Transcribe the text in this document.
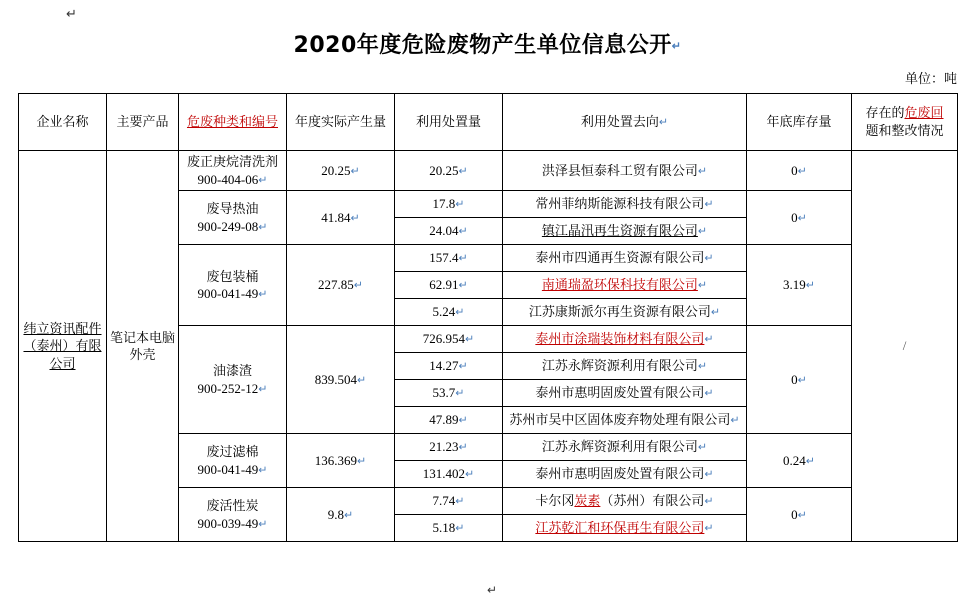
↵
2020年度危险废物产生单位信息公开↵
单位：吨
企业名称	主要产品	危废种类和编号	年度实际产生量	利用处置量	利用处置去向↵	年底库存量	存在的危废回
题和整改情况
纬立资讯配件（泰州）有限公司	笔记本电脑外壳	废正庚烷清洗剂
900-404-06↵	20.25↵	20.25↵	洪泽县恒泰科工贸有限公司↵	0↵	/

		废导热油
900-249-08↵	41.84↵	17.8↵	常州菲纳斯能源科技有限公司↵	0↵	
				24.04↵	镇江晶汛再生资源有限公司↵		

		废包装桶
900-041-49↵	227.85↵	157.4↵	泰州市四通再生资源有限公司↵	3.19↵	
				62.91↵	南通瑞盈环保科技有限公司↵		
				5.24↵	江苏康斯派尔再生资源有限公司↵		

		油漆渣
900-252-12↵	839.504↵	726.954↵	泰州市涂瑞装饰材料有限公司↵	0↵	
				14.27↵	江苏永辉资源利用有限公司↵		
				53.7↵	泰州市惠明固废处置有限公司↵		
				47.89↵	苏州市吴中区固体废弃物处理有限公司↵		

		废过滤棉
900-041-49↵	136.369↵	21.23↵	江苏永辉资源利用有限公司↵	0.24↵	
				131.402↵	泰州市惠明固废处置有限公司↵		

		废活性炭
900-039-49↵	9.8↵	7.74↵	卡尔冈炭素（苏州）有限公司↵	0↵	
				5.18↵	江苏乾汇和环保再生有限公司↵		
↵
